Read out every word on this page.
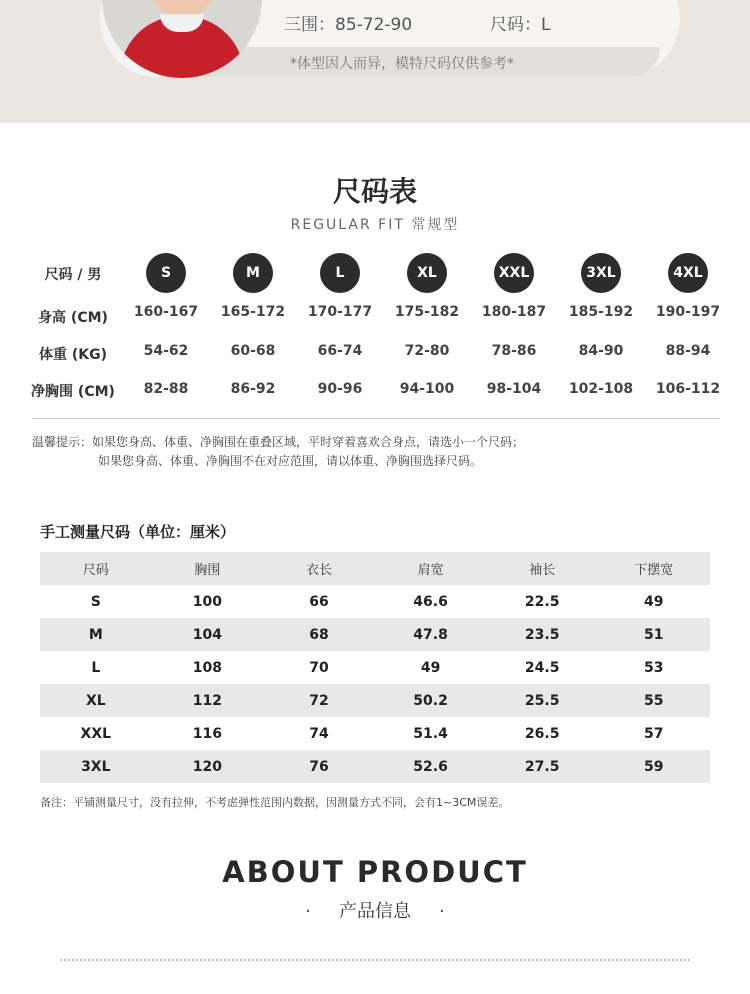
三围：85-72-90	尺码：L
*体型因人而异，模特尺码仅供参考*
尺码表
REGULAR FIT 常规型
尺码 / 男	S	M	L	XL	XXL	3XL	4XL
身高 (CM)	160-167	165-172	170-177	175-182	180-187	185-192	190-197
体重 (KG)	54-62	60-68	66-74	72-80	78-86	84-90	88-94
净胸围 (CM)	82-88	86-92	90-96	94-100	98-104	102-108	106-112
温馨提示：如果您身高、体重、净胸围在重叠区域，平时穿着喜欢合身点，请选小一个尺码；
如果您身高、体重、净胸围不在对应范围，请以体重、净胸围选择尺码。
手工测量尺码（单位：厘米）
尺码	胸围	衣长	肩宽	袖长	下摆宽
S	100	66	46.6	22.5	49
M	104	68	47.8	23.5	51
L	108	70	49	24.5	53
XL	112	72	50.2	25.5	55
XXL	116	74	51.4	26.5	57
3XL	120	76	52.6	27.5	59
备注：平铺测量尺寸，没有拉伸，不考虑弹性范围内数据，因测量方式不同，会有1~3CM误差。
ABOUT PRODUCT
· 产品信息 ·
